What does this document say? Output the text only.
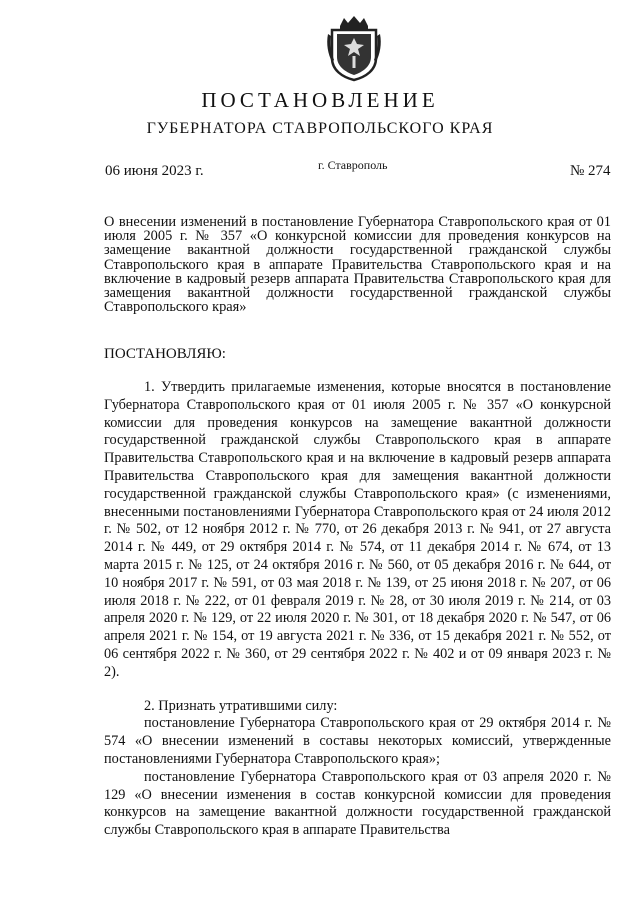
ПОСТАНОВЛЕНИЕ
ГУБЕРНАТОРА СТАВРОПОЛЬСКОГО КРАЯ
06 июня 2023 г.	г. Ставрополь	№ 274
О внесении изменений в постановление Губернатора Ставропольского края от 01 июля 2005 г. № 357 «О конкурсной комиссии для проведения конкурсов на замещение вакантной должности государственной гражданской службы Ставропольского края в аппарате Правительства Ставропольского края и на включение в кадровый резерв аппарата Правительства Ставропольского края для замещения вакантной должности государственной гражданской службы Ставропольского края»
ПОСТАНОВЛЯЮ:

1. Утвердить прилагаемые изменения, которые вносятся в постановление Губернатора Ставропольского края от 01 июля 2005 г. № 357 «О конкурсной комиссии для проведения конкурсов на замещение вакантной должности государственной гражданской службы Ставропольского края в аппарате Правительства Ставропольского края и на включение в кадровый резерв аппарата Правительства Ставропольского края для замещения вакантной должности государственной гражданской службы Ставропольского края» (с изменениями, внесенными постановлениями Губернатора Ставропольского края от 24 июля 2012 г. № 502, от 12 ноября 2012 г. № 770, от 26 декабря 2013 г. № 941, от 27 августа 2014 г. № 449, от 29 октября 2014 г. № 574, от 11 декабря 2014 г. № 674, от 13 марта 2015 г. № 125, от 24 октября 2016 г. № 560, от 05 декабря 2016 г. № 644, от 10 ноября 2017 г. № 591, от 03 мая 2018 г. № 139, от 25 июня 2018 г. № 207, от 06 июля 2018 г. № 222, от 01 февраля 2019 г. № 28, от 30 июля 2019 г. № 214, от 03 апреля 2020 г. № 129, от 22 июля 2020 г. № 301, от 18 декабря 2020 г. № 547, от 06 апреля 2021 г. № 154, от 19 августа 2021 г. № 336, от 15 декабря 2021 г. № 552, от 06 сентября 2022 г. № 360, от 29 сентября 2022 г. № 402 и от 09 января 2023 г. № 2).

2. Признать утратившими силу:

постановление Губернатора Ставропольского края от 29 октября 2014 г. № 574 «О внесении изменений в составы некоторых комиссий, утвержденные постановлениями Губернатора Ставропольского края»;

постановление Губернатора Ставропольского края от 03 апреля 2020 г. № 129 «О внесении изменения в состав конкурсной комиссии для проведения конкурсов на замещение вакантной должности государственной гражданской службы Ставропольского края в аппарате Правительства
